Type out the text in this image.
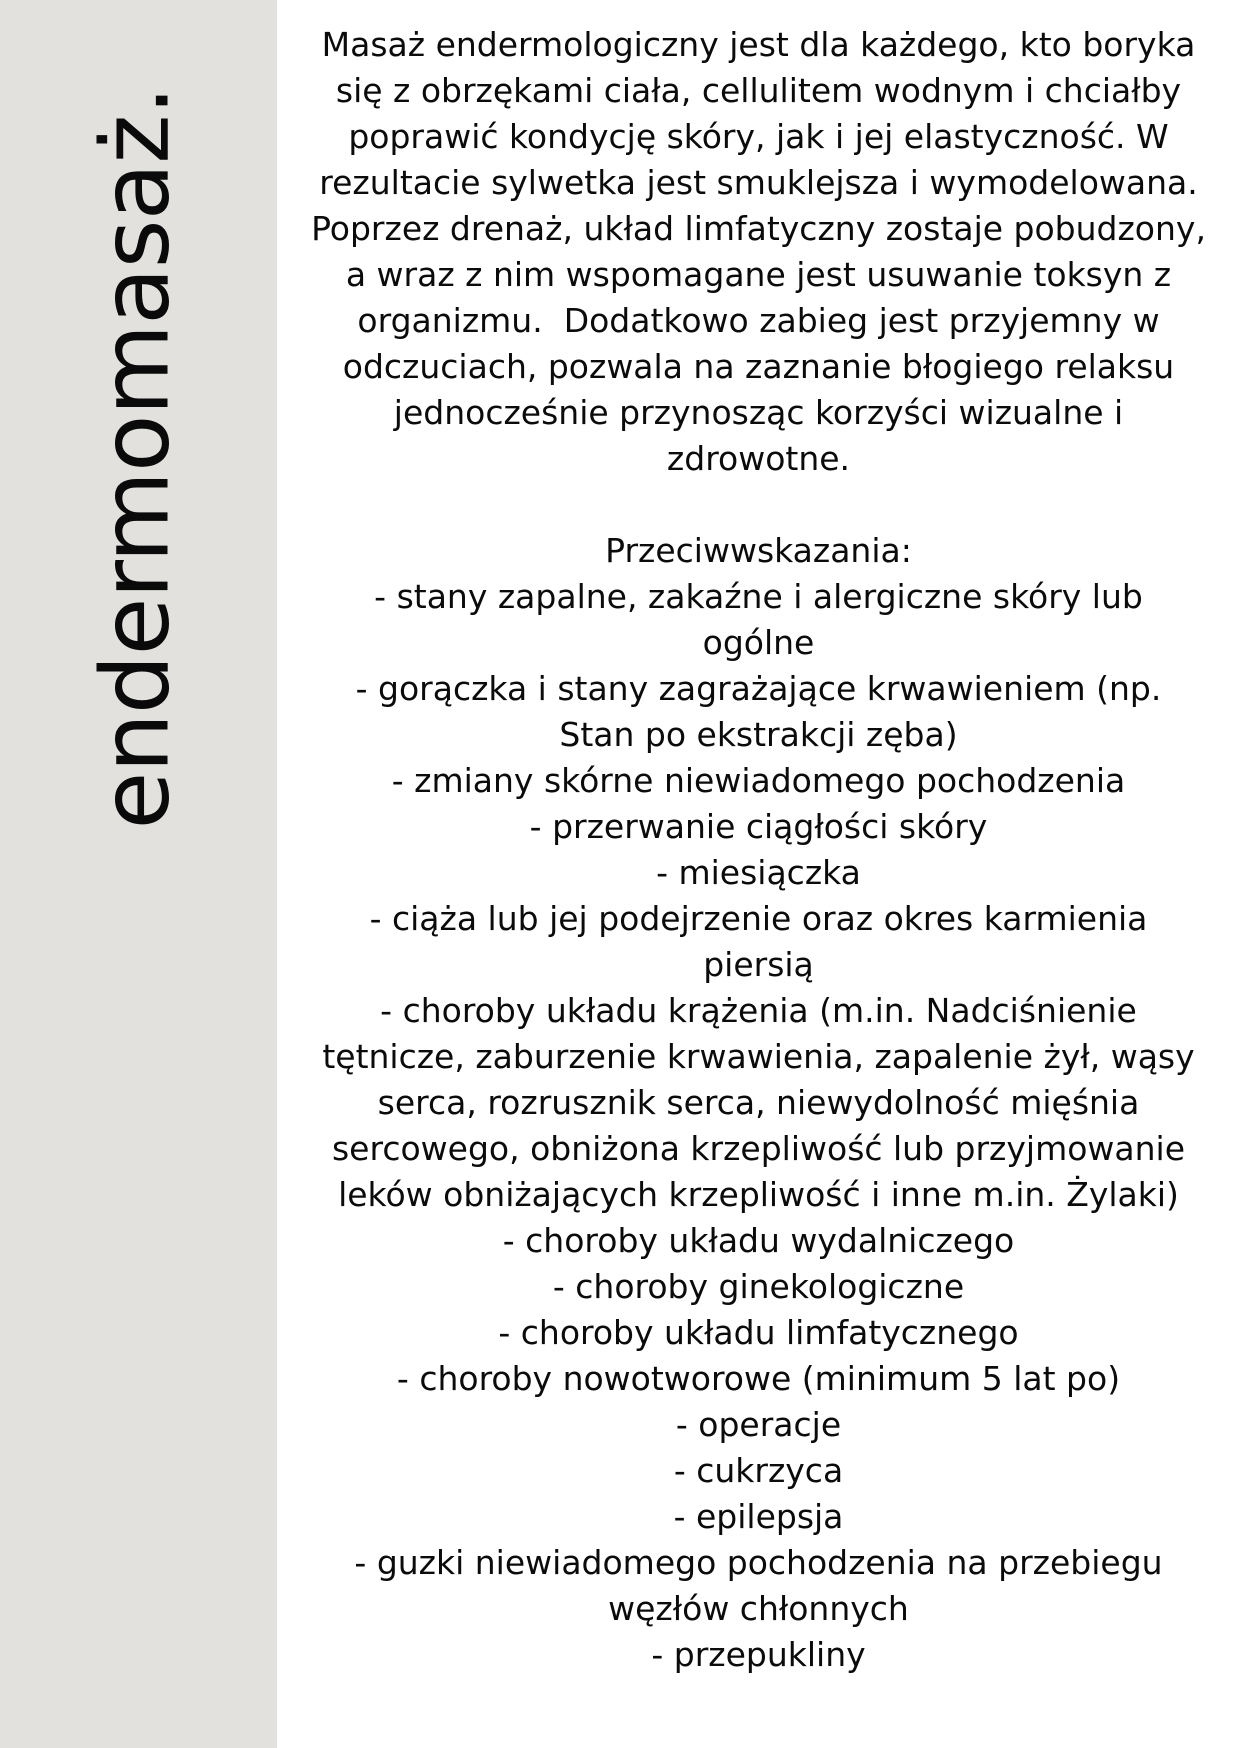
endermomasaż.
Masaż endermologiczny jest dla każdego, kto boryka
się z obrzękami ciała, cellulitem wodnym i chciałby
poprawić kondycję skóry, jak i jej elastyczność. W
rezultacie sylwetka jest smuklejsza i wymodelowana.
Poprzez drenaż, układ limfatyczny zostaje pobudzony,
a wraz z nim wspomagane jest usuwanie toksyn z
organizmu.  Dodatkowo zabieg jest przyjemny w
odczuciach, pozwala na zaznanie błogiego relaksu
jednocześnie przynosząc korzyści wizualne i
zdrowotne.
Przeciwwskazania:
- stany zapalne, zakaźne i alergiczne skóry lub
ogólne
- gorączka i stany zagrażające krwawieniem (np.
Stan po ekstrakcji zęba)
- zmiany skórne niewiadomego pochodzenia
- przerwanie ciągłości skóry
- miesiączka
- ciąża lub jej podejrzenie oraz okres karmienia
piersią
- choroby układu krążenia (m.in. Nadciśnienie
tętnicze, zaburzenie krwawienia, zapalenie żył, wąsy
serca, rozrusznik serca, niewydolność mięśnia
sercowego, obniżona krzepliwość lub przyjmowanie
leków obniżających krzepliwość i inne m.in. Żylaki)
- choroby układu wydalniczego
- choroby ginekologiczne
- choroby układu limfatycznego
- choroby nowotworowe (minimum 5 lat po)
- operacje
- cukrzyca
- epilepsja
- guzki niewiadomego pochodzenia na przebiegu
węzłów chłonnych
- przepukliny
